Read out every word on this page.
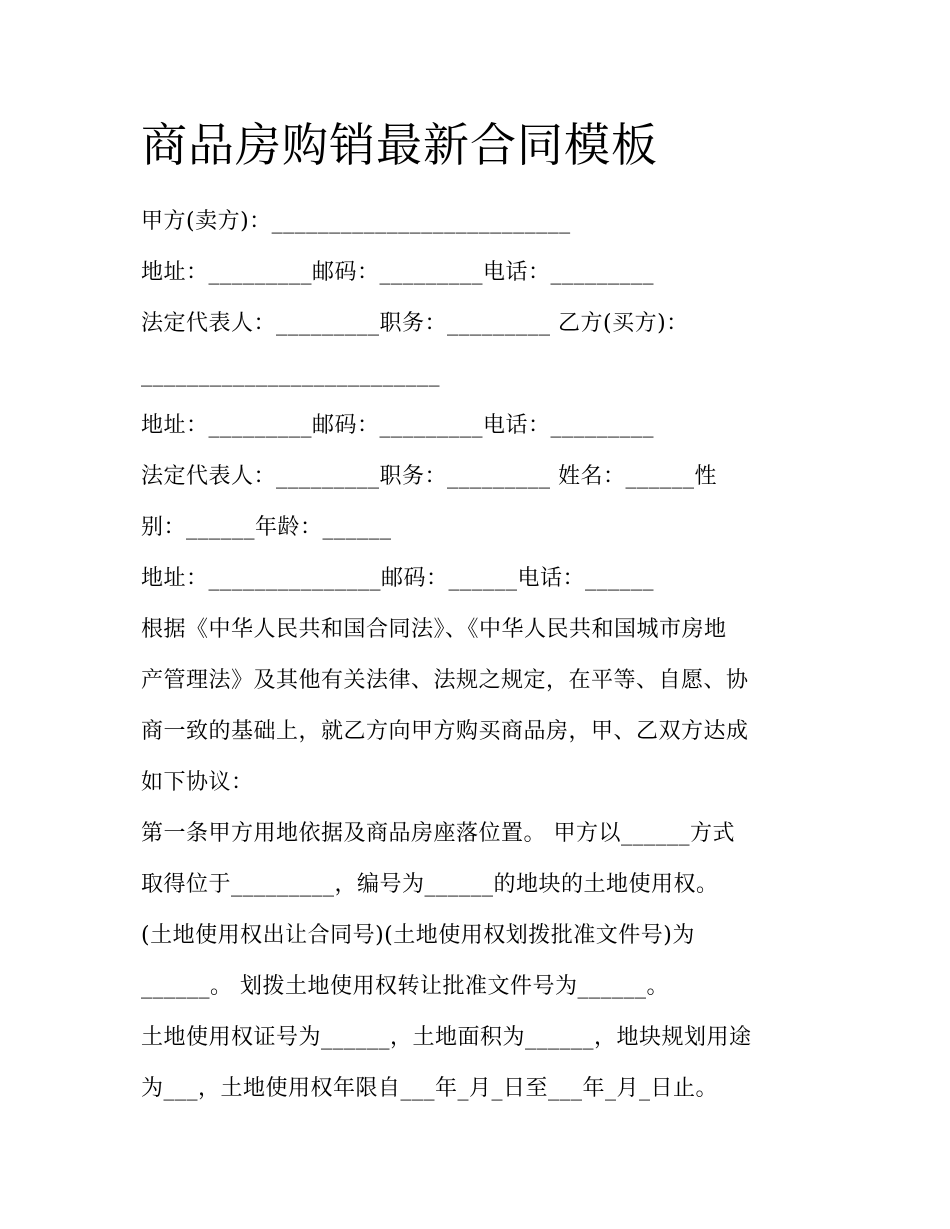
商品房购销最新合同模板
甲方(卖方)：__________________________
地址：_________邮码：_________电话：_________
法定代表人：_________职务：_________ 乙方(买方)：
__________________________
地址：_________邮码：_________电话：_________
法定代表人：_________职务：_________ 姓名：______性
别：______年龄：______
地址：_______________邮码：______电话：______
根据《中华人民共和国合同法》、《中华人民共和国城市房地
产管理法》及其他有关法律、法规之规定，在平等、自愿、协
商一致的基础上，就乙方向甲方购买商品房，甲、乙双方达成
如下协议：
第一条甲方用地依据及商品房座落位置。 甲方以______方式
取得位于_________，编号为______的地块的土地使用权。
(土地使用权出让合同号)(土地使用权划拨批准文件号)为
______。 划拨土地使用权转让批准文件号为______。
土地使用权证号为______，土地面积为______，地块规划用途
为___，土地使用权年限自___年_月_日至___年_月_日止。
